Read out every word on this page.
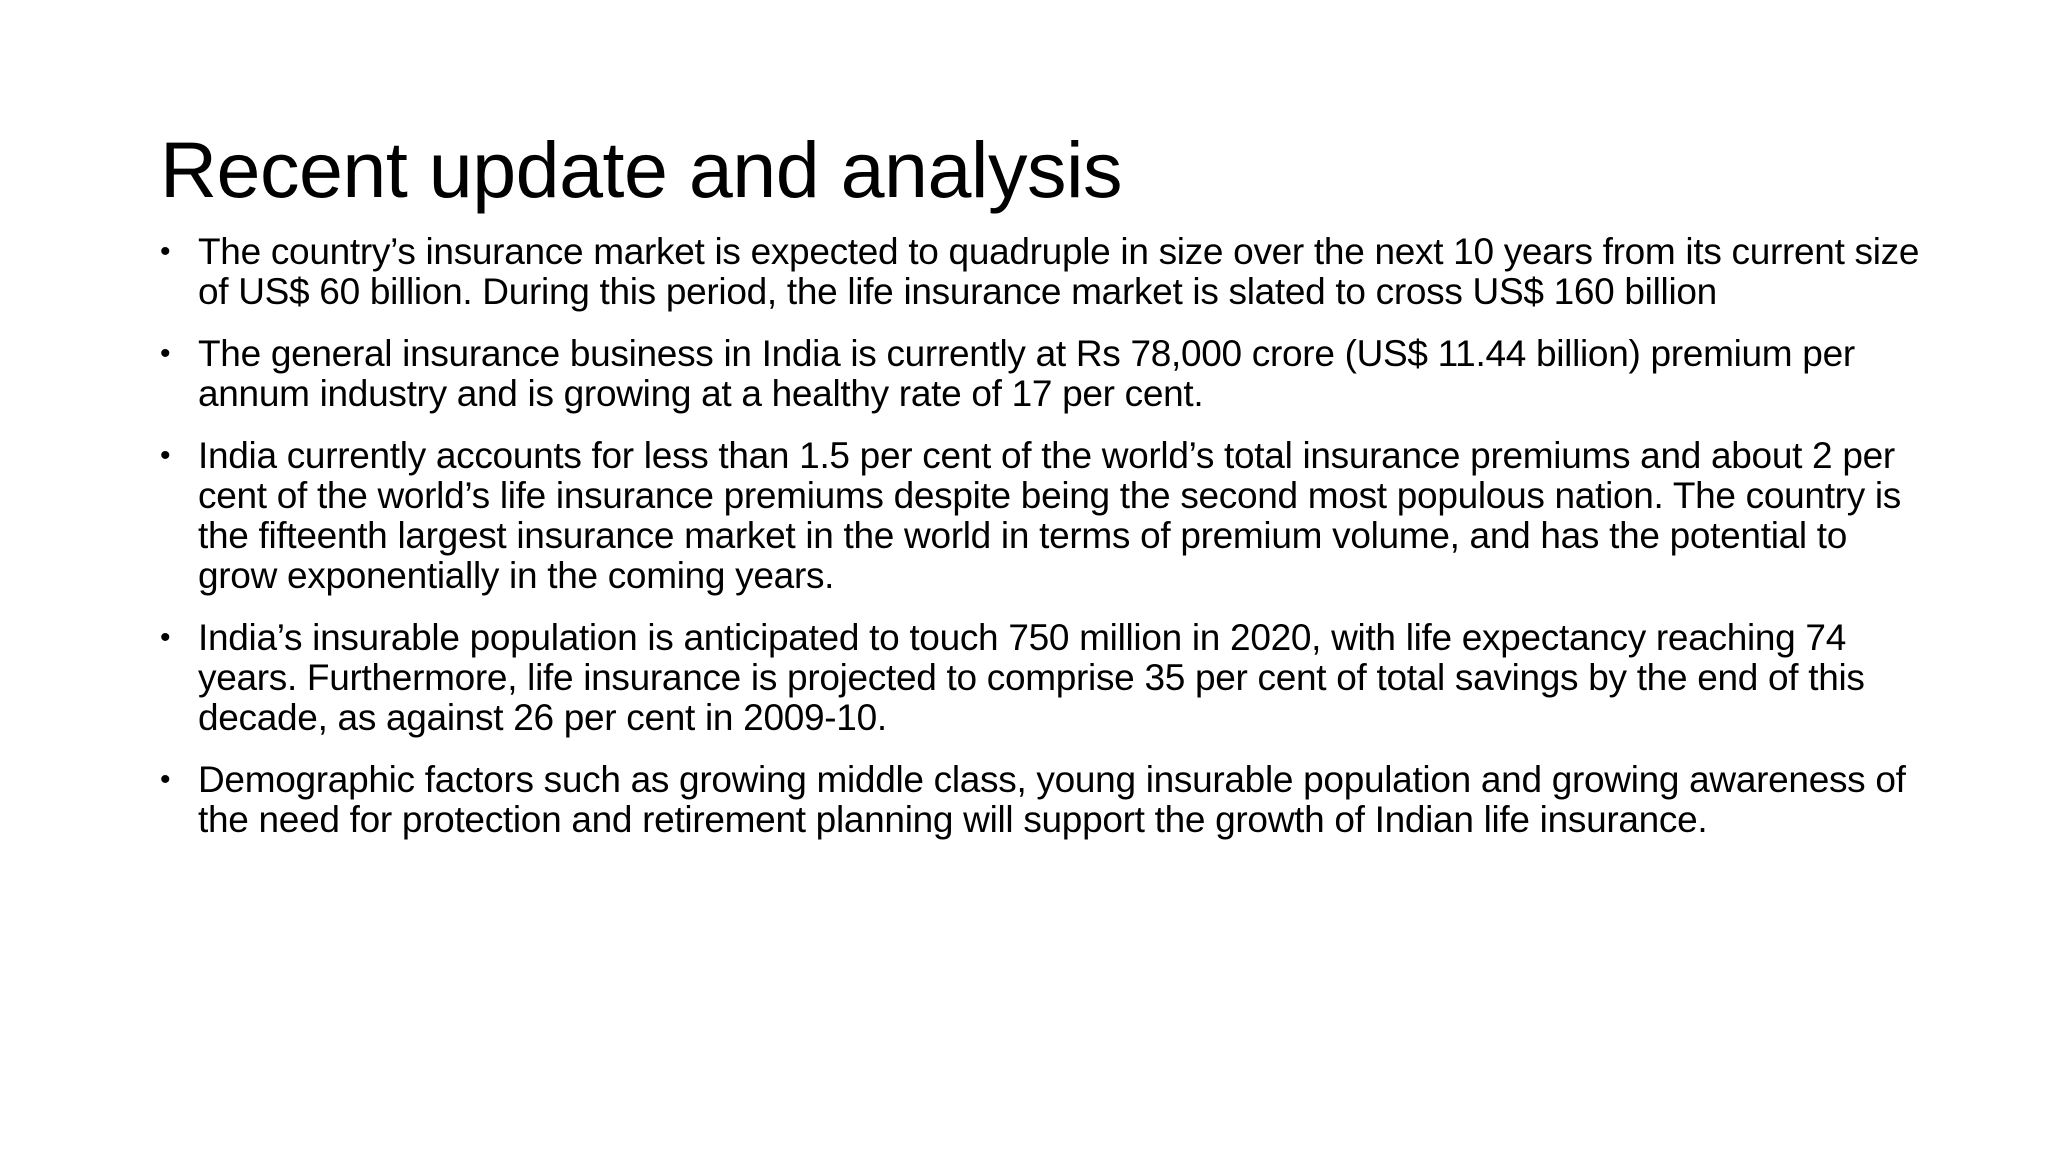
Recent update and analysis
• The country’s insurance market is expected to quadruple in size over the next 10 years from its current size of US$ 60 billion. During this period, the life insurance market is slated to cross US$ 160 billion
• The general insurance business in India is currently at Rs 78,000 crore (US$ 11.44 billion) premium per annum industry and is growing at a healthy rate of 17 per cent.
• India currently accounts for less than 1.5 per cent of the world’s total insurance premiums and about 2 per cent of the world’s life insurance premiums despite being the second most populous nation. The country is the fifteenth largest insurance market in the world in terms of premium volume, and has the potential to grow exponentially in the coming years.
• India’s insurable population is anticipated to touch 750 million in 2020, with life expectancy reaching 74 years. Furthermore, life insurance is projected to comprise 35 per cent of total savings by the end of this decade, as against 26 per cent in 2009-10.
• Demographic factors such as growing middle class, young insurable population and growing awareness of the need for protection and retirement planning will support the growth of Indian life insurance.
